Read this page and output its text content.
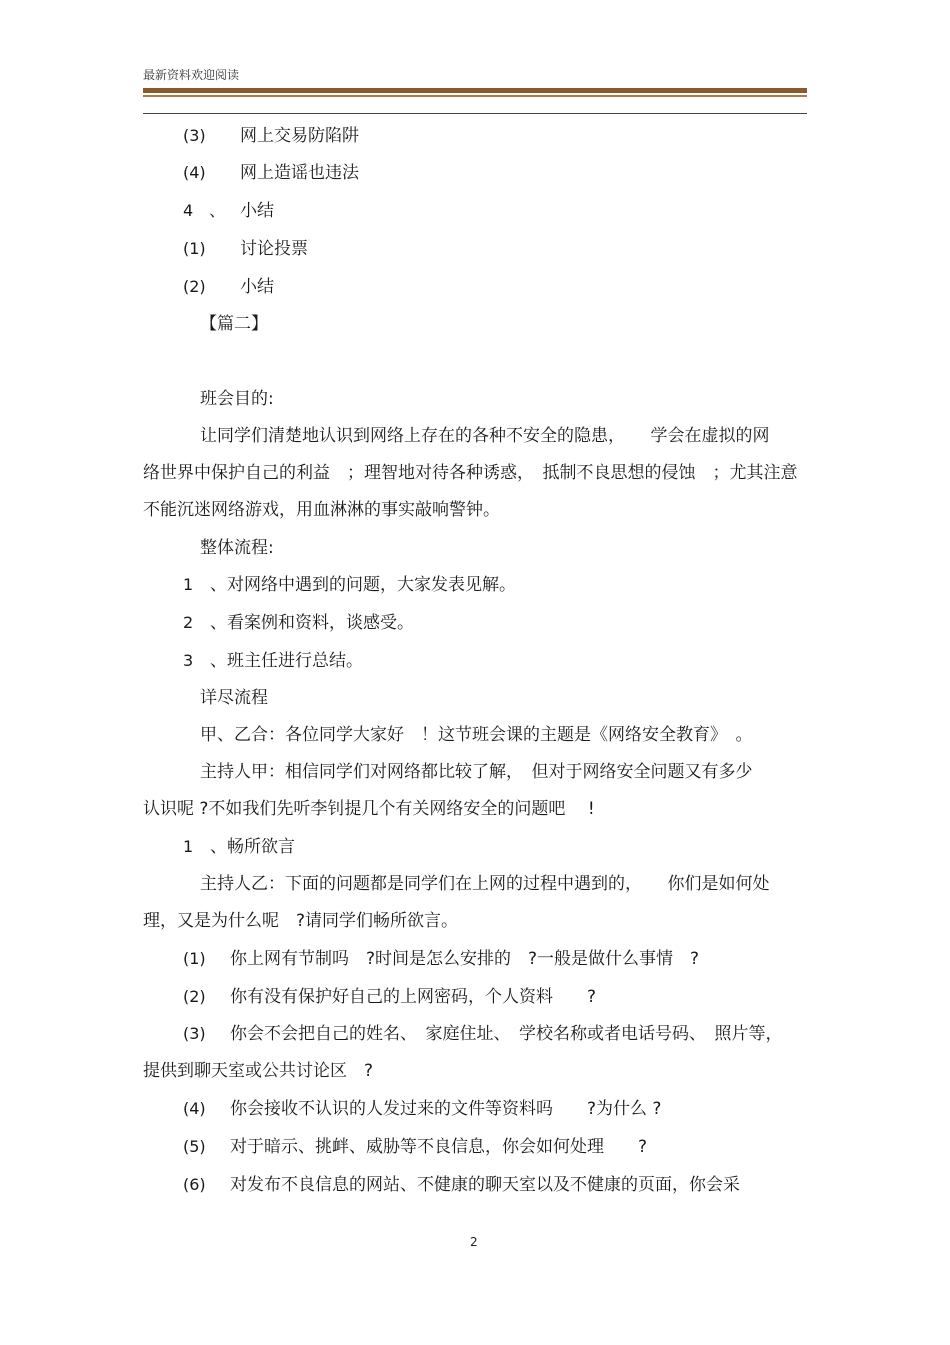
最新资料欢迎阅读
(3) 网上交易防陷阱
(4) 网上造谣也违法
4　、 小结
(1) 讨论投票
(2) 小结
【篇二】
班会目的:
让同学们清楚地认识到网络上存在的各种不安全的隐患，　　学会在虚拟的网
络世界中保护自己的利益　；理智地对待各种诱惑，　抵制不良思想的侵蚀　；尤其注意
不能沉迷网络游戏，用血淋淋的事实敲响警钟。
整体流程:
1 、对网络中遇到的问题，大家发表见解。
2 、看案例和资料，谈感受。
3 、班主任进行总结。
详尽流程
甲、乙合：各位同学大家好　！这节班会课的主题是《网络安全教育》　。
主持人甲：相信同学们对网络都比较了解，　但对于网络安全问题又有多少
认识呢 ?不如我们先听李钊提几个有关网络安全的问题吧　 !
1 、畅所欲言
主持人乙：下面的问题都是同学们在上网的过程中遇到的，　　你们是如何处
理，又是为什么呢　?请同学们畅所欲言。
(1) 你上网有节制吗　?时间是怎么安排的　?一般是做什么事情　?
(2) 你有没有保护好自己的上网密码，个人资料　　?
(3) 你会不会把自己的姓名、　家庭住址、　学校名称或者电话号码、　照片等，
提供到聊天室或公共讨论区　?
(4) 你会接收不认识的人发过来的文件等资料吗　　?为什么 ?
(5) 对于暗示、挑衅、威胁等不良信息，你会如何处理　　?
(6) 对发布不良信息的网站、不健康的聊天室以及不健康的页面，你会采
2
